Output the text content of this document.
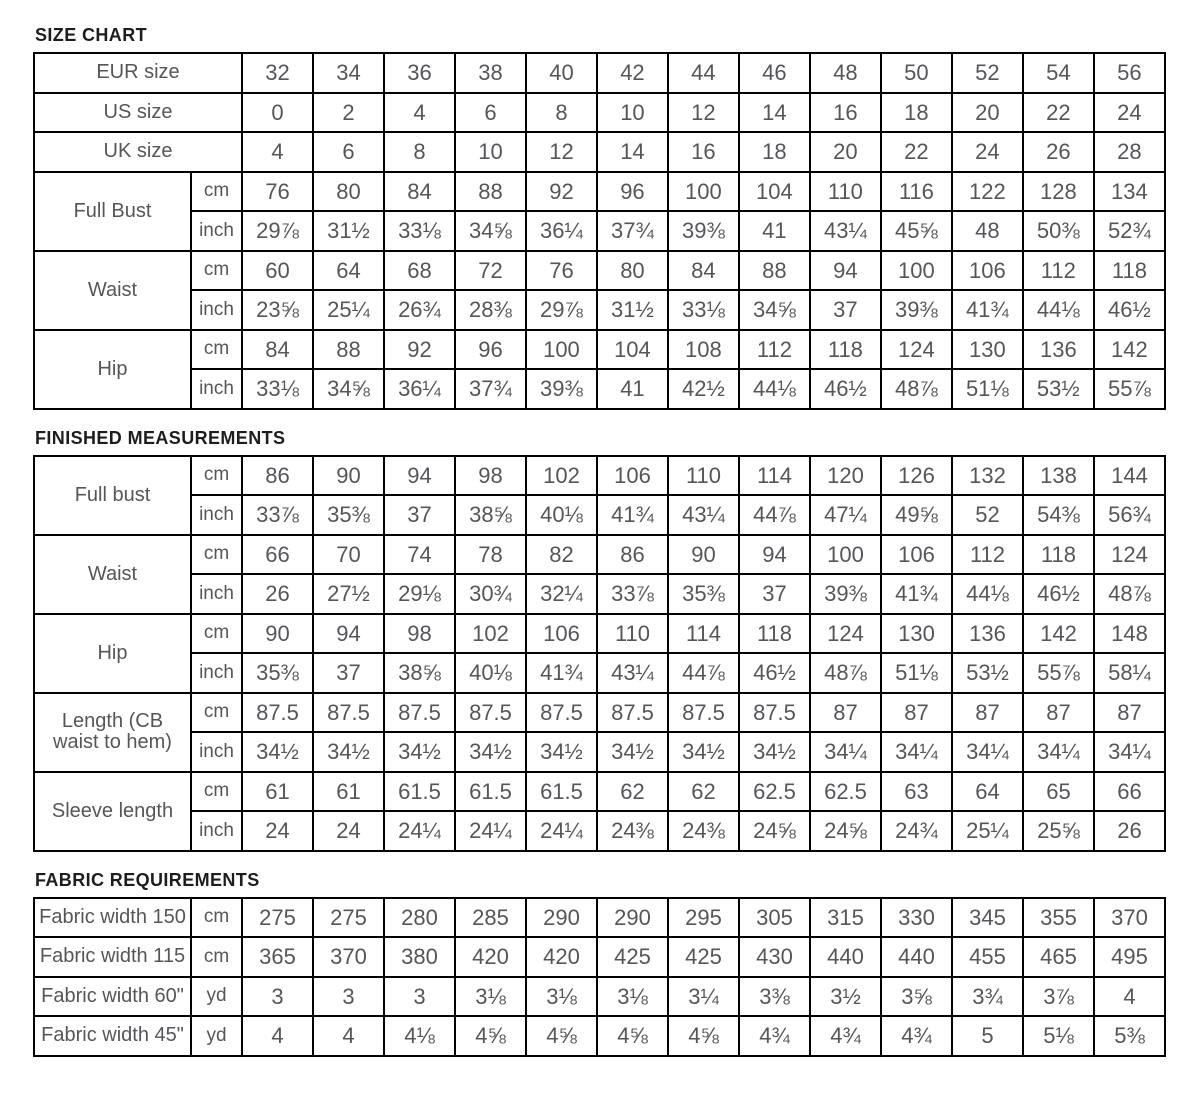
SIZE CHART
EUR size		32	34	36	38	40	42	44	46	48	50	52	54	56
US size		0	2	4	6	8	10	12	14	16	18	20	22	24
UK size		4	6	8	10	12	14	16	18	20	22	24	26	28
Full Bust	cm	76	80	84	88	92	96	100	104	110	116	122	128	134
	inch	29⅞	31½	33⅛	34⅝	36¼	37¾	39⅜	41	43¼	45⅝	48	50⅜	52¾
Waist	cm	60	64	68	72	76	80	84	88	94	100	106	112	118
	inch	23⅝	25¼	26¾	28⅜	29⅞	31½	33⅛	34⅝	37	39⅜	41¾	44⅛	46½
Hip	cm	84	88	92	96	100	104	108	112	118	124	130	136	142
	inch	33⅛	34⅝	36¼	37¾	39⅜	41	42½	44⅛	46½	48⅞	51⅛	53½	55⅞
FINISHED MEASUREMENTS
Full bust	cm	86	90	94	98	102	106	110	114	120	126	132	138	144
	inch	33⅞	35⅜	37	38⅝	40⅛	41¾	43¼	44⅞	47¼	49⅝	52	54⅜	56¾
Waist	cm	66	70	74	78	82	86	90	94	100	106	112	118	124
	inch	26	27½	29⅛	30¾	32¼	33⅞	35⅜	37	39⅜	41¾	44⅛	46½	48⅞
Hip	cm	90	94	98	102	106	110	114	118	124	130	136	142	148
	inch	35⅜	37	38⅝	40⅛	41¾	43¼	44⅞	46½	48⅞	51⅛	53½	55⅞	58¼
Length (CB waist to hem)	cm	87.5	87.5	87.5	87.5	87.5	87.5	87.5	87.5	87	87	87	87	87
	inch	34½	34½	34½	34½	34½	34½	34½	34½	34¼	34¼	34¼	34¼	34¼
Sleeve length	cm	61	61	61.5	61.5	61.5	62	62	62.5	62.5	63	64	65	66
	inch	24	24	24¼	24¼	24¼	24⅜	24⅜	24⅝	24⅝	24¾	25¼	25⅝	26
FABRIC REQUIREMENTS
Fabric width 150	cm	275	275	280	285	290	290	295	305	315	330	345	355	370
Fabric width 115	cm	365	370	380	420	420	425	425	430	440	440	455	465	495
Fabric width 60"	yd	3	3	3	3⅛	3⅛	3⅛	3¼	3⅜	3½	3⅝	3¾	3⅞	4
Fabric width 45"	yd	4	4	4⅛	4⅝	4⅝	4⅝	4⅝	4¾	4¾	4¾	5	5⅛	5⅜
